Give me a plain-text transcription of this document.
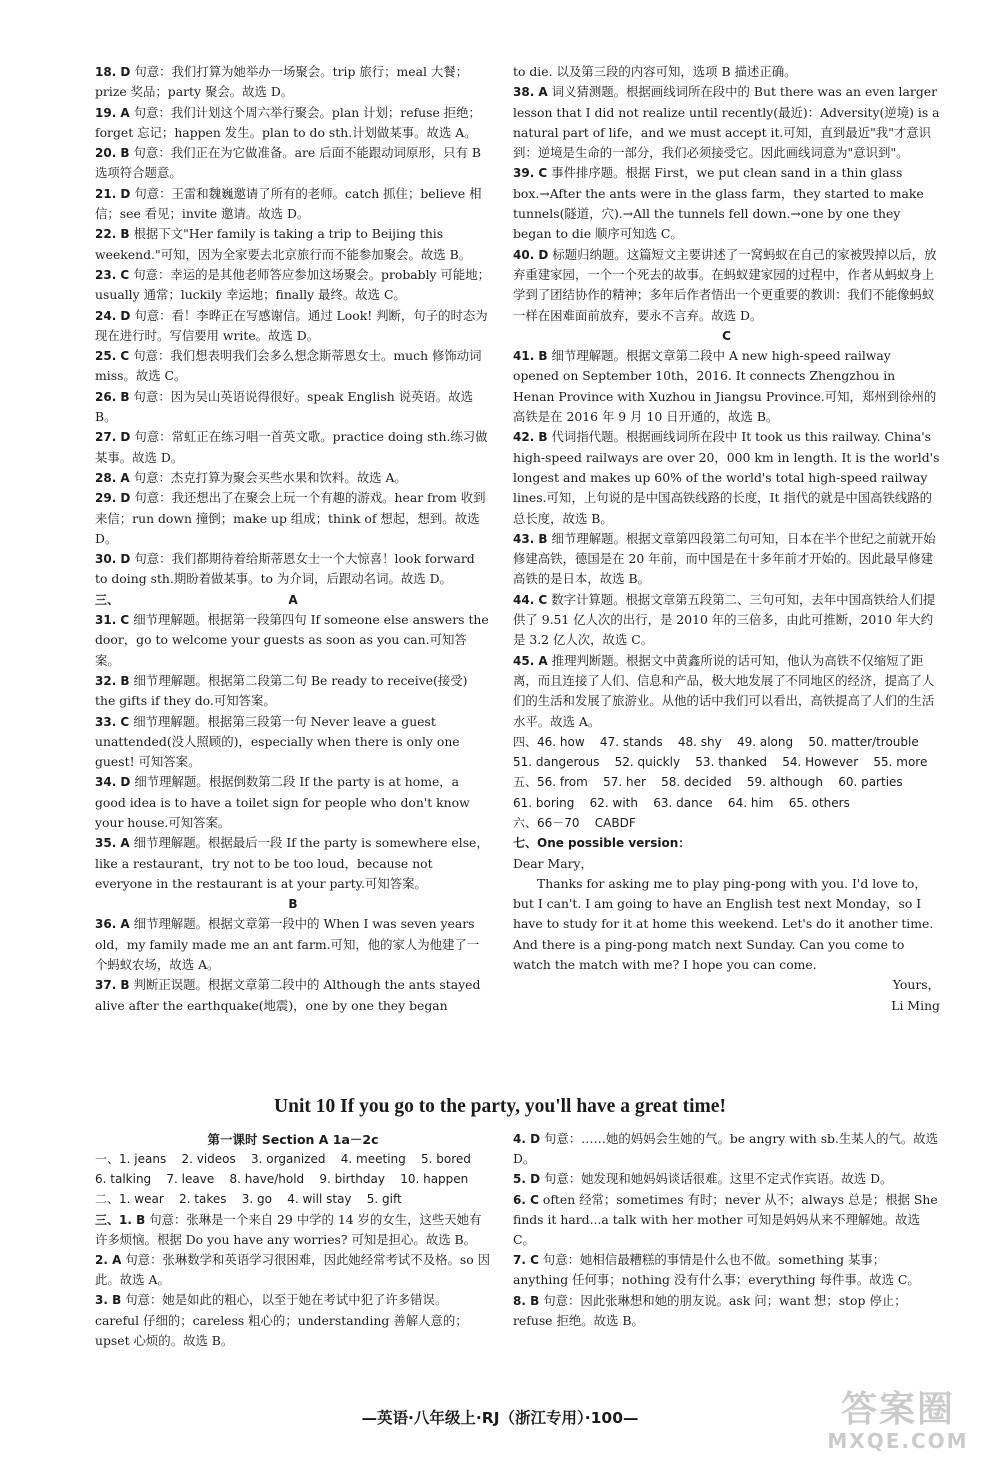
18. D 句意：我们打算为她举办一场聚会。trip 旅行；meal 大餐；prize 奖品；party 聚会。故选 D。

19. A 句意：我们计划这个周六举行聚会。plan 计划；refuse 拒绝；forget 忘记；happen 发生。plan to do sth.计划做某事。故选 A。

20. B 句意：我们正在为它做准备。are 后面不能跟动词原形，只有 B 选项符合题意。

21. D 句意：王雷和魏巍邀请了所有的老师。catch 抓住；believe 相信；see 看见；invite 邀请。故选 D。

22. B 根据下文"Her family is taking a trip to Beijing this weekend."可知，因为全家要去北京旅行而不能参加聚会。故选 B。

23. C 句意：幸运的是其他老师答应参加这场聚会。probably 可能地；usually 通常；luckily 幸运地；finally 最终。故选 C。

24. D 句意：看！李晔正在写感谢信。通过 Look! 判断，句子的时态为现在进行时。写信要用 write。故选 D。

25. C 句意：我们想表明我们会多么想念斯蒂恩女士。much 修饰动词 miss。故选 C。

26. B 句意：因为吴山英语说得很好。speak English 说英语。故选 B。

27. D 句意：常虹正在练习唱一首英文歌。practice doing sth.练习做某事。故选 D。

28. A 句意：杰克打算为聚会买些水果和饮料。故选 A。

29. D 句意：我还想出了在聚会上玩一个有趣的游戏。hear from 收到来信；run down 撞倒；make up 组成；think of 想起，想到。故选 D。

30. D 句意：我们都期待着给斯蒂恩女士一个大惊喜！look forward to doing sth.期盼着做某事。to 为介词，后跟动名词。故选 D。

三、	A

31. C 细节理解题。根据第一段第四句 If someone else answers the door，go to welcome your guests as soon as you can.可知答案。

32. B 细节理解题。根据第二段第二句 Be ready to receive(接受) the gifts if they do.可知答案。

33. C 细节理解题。根据第三段第一句 Never leave a guest unattended(没人照顾的)，especially when there is only one guest! 可知答案。

34. D 细节理解题。根据倒数第二段 If the party is at home，a good idea is to have a toilet sign for people who don't know your house.可知答案。

35. A 细节理解题。根据最后一段 If the party is somewhere else，like a restaurant，try not to be too loud，because not everyone in the restaurant is at your party.可知答案。

B

36. A 细节理解题。根据文章第一段中的 When I was seven years old，my family made me an ant farm.可知，他的家人为他建了一个蚂蚁农场，故选 A。

37. B 判断正误题。根据文章第二段中的 Although the ants stayed alive after the earthquake(地震)，one by one they began

to die. 以及第三段的内容可知，选项 B 描述正确。

38. A 词义猜测题。根据画线词所在段中的 But there was an even larger lesson that I did not realize until recently(最近)：Adversity(逆境) is a natural part of life，and we must accept it.可知，直到最近"我"才意识到：逆境是生命的一部分，我们必须接受它。因此画线词意为"意识到"。

39. C 事件排序题。根据 First，we put clean sand in a thin glass box.→After the ants were in the glass farm，they started to make tunnels(隧道，穴).→All the tunnels fell down.→one by one they began to die 顺序可知选 C。

40. D 标题归纳题。这篇短文主要讲述了一窝蚂蚁在自己的家被毁掉以后，放弃重建家园，一个一个死去的故事。在蚂蚁建家园的过程中，作者从蚂蚁身上学到了团结协作的精神；多年后作者悟出一个更重要的教训：我们不能像蚂蚁一样在困难面前放弃，要永不言弃。故选 D。

C

41. B 细节理解题。根据文章第二段中 A new high-speed railway opened on September 10th，2016. It connects Zhengzhou in Henan Province with Xuzhou in Jiangsu Province.可知，郑州到徐州的高铁是在 2016 年 9 月 10 日开通的，故选 B。

42. B 代词指代题。根据画线词所在段中 It took us this railway. China's high-speed railways are over 20，000 km in length. It is the world's longest and makes up 60% of the world's total high-speed railway lines.可知，上句说的是中国高铁线路的长度，It 指代的就是中国高铁线路的总长度，故选 B。

43. B 细节理解题。根据文章第四段第二句可知，日本在半个世纪之前就开始修建高铁，德国是在 20 年前，而中国是在十多年前才开始的。因此最早修建高铁的是日本，故选 B。

44. C 数字计算题。根据文章第五段第二、三句可知，去年中国高铁给人们提供了 9.51 亿人次的出行，是 2010 年的三倍多，由此可推断，2010 年大约是 3.2 亿人次，故选 C。

45. A 推理判断题。根据文中黄鑫所说的话可知，他认为高铁不仅缩短了距离，而且连接了人们、信息和产品，极大地发展了不同地区的经济，提高了人们的生活和发展了旅游业。从他的话中我们可以看出，高铁提高了人们的生活水平。故选 A。

四、46. how    47. stands    48. shy    49. along    50. matter/trouble
51. dangerous    52. quickly    53. thanked    54. However    55. more
五、56. from    57. her    58. decided    59. although    60. parties
61. boring    62. with    63. dance    64. him    65. others
六、66－70    CABDF
七、One possible version：

Dear Mary，

Thanks for asking me to play ping-pong with you. I'd love to，but I can't. I am going to have an English test next Monday，so I have to study for it at home this weekend. Let's do it another time. And there is a ping-pong match next Sunday. Can you come to watch the match with me? I hope you can come.

Yours，

Li Ming

Unit 10 If you go to the party, you'll have a great time!
第一课时 Section A 1a－2c
一、1. jeans    2. videos    3. organized    4. meeting    5. bored
6. talking    7. leave    8. have/hold    9. birthday    10. happen
二、1. wear    2. takes    3. go    4. will stay    5. gift

三、1. B 句意：张琳是一个来自 29 中学的 14 岁的女生，这些天她有许多烦恼。根据 Do you have any worries? 可知是担心。故选 B。

2. A 句意：张琳数学和英语学习很困难，因此她经常考试不及格。so 因此。故选 A。

3. B 句意：她是如此的粗心，以至于她在考试中犯了许多错误。careful 仔细的；careless 粗心的；understanding 善解人意的；upset 心烦的。故选 B。

4. D 句意：……她的妈妈会生她的气。be angry with sb.生某人的气。故选 D。

5. D 句意：她发现和她妈妈谈话很难。这里不定式作宾语。故选 D。

6. C often 经常；sometimes 有时；never 从不；always 总是；根据 She finds it hard...a talk with her mother 可知是妈妈从来不理解她。故选 C。

7. C 句意：她相信最糟糕的事情是什么也不做。something 某事；anything 任何事；nothing 没有什么事；everything 每件事。故选 C。

8. B 句意：因此张琳想和她的朋友说。ask 问；want 想；stop 停止；refuse 拒绝。故选 B。

—英语·八年级上·RJ（浙江专用）·100—	答案圈
MXQE.COM
